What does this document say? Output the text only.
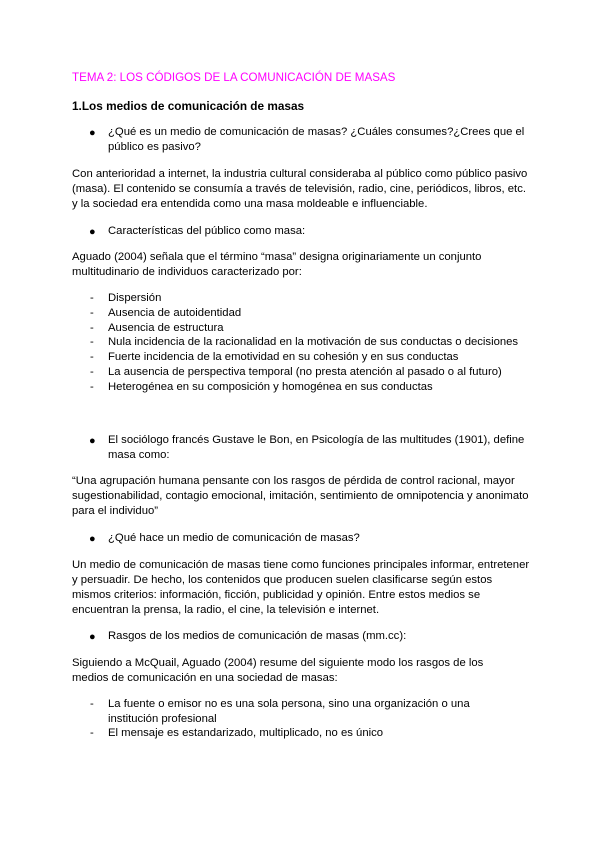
TEMA 2: LOS CÓDIGOS DE LA COMUNICACIÓN DE MASAS
1.Los medios de comunicación de masas
● ¿Qué es un medio de comunicación de masas? ¿Cuáles consumes?¿Crees que el público es pasivo?
Con anterioridad a internet, la industria cultural consideraba al público como público pasivo (masa). El contenido se consumía a través de televisión, radio, cine, periódicos, libros, etc. y la sociedad era entendida como una masa moldeable e influenciable.
● Características del público como masa:
Aguado (2004) señala que el término “masa” designa originariamente un conjunto multitudinario de individuos caracterizado por:
- Dispersión
- Ausencia de autoidentidad
- Ausencia de estructura
- Nula incidencia de la racionalidad en la motivación de sus conductas o decisiones
- Fuerte incidencia de la emotividad en su cohesión y en sus conductas
- La ausencia de perspectiva temporal (no presta atención al pasado o al futuro)
- Heterogénea en su composición y homogénea en sus conductas
● El sociólogo francés Gustave le Bon, en Psicología de las multitudes (1901), define masa como:
“Una agrupación humana pensante con los rasgos de pérdida de control racional, mayor sugestionabilidad, contagio emocional, imitación, sentimiento de omnipotencia y anonimato para el individuo”
● ¿Qué hace un medio de comunicación de masas?
Un medio de comunicación de masas tiene como funciones principales informar, entretener y persuadir. De hecho, los contenidos que producen suelen clasificarse según estos mismos criterios: información, ficción, publicidad y opinión. Entre estos medios se encuentran la prensa, la radio, el cine, la televisión e internet.
● Rasgos de los medios de comunicación de masas (mm.cc):
Siguiendo a McQuail, Aguado (2004) resume del siguiente modo los rasgos de los medios de comunicación en una sociedad de masas:
- La fuente o emisor no es una sola persona, sino una organización o una institución profesional
- El mensaje es estandarizado, multiplicado, no es único
